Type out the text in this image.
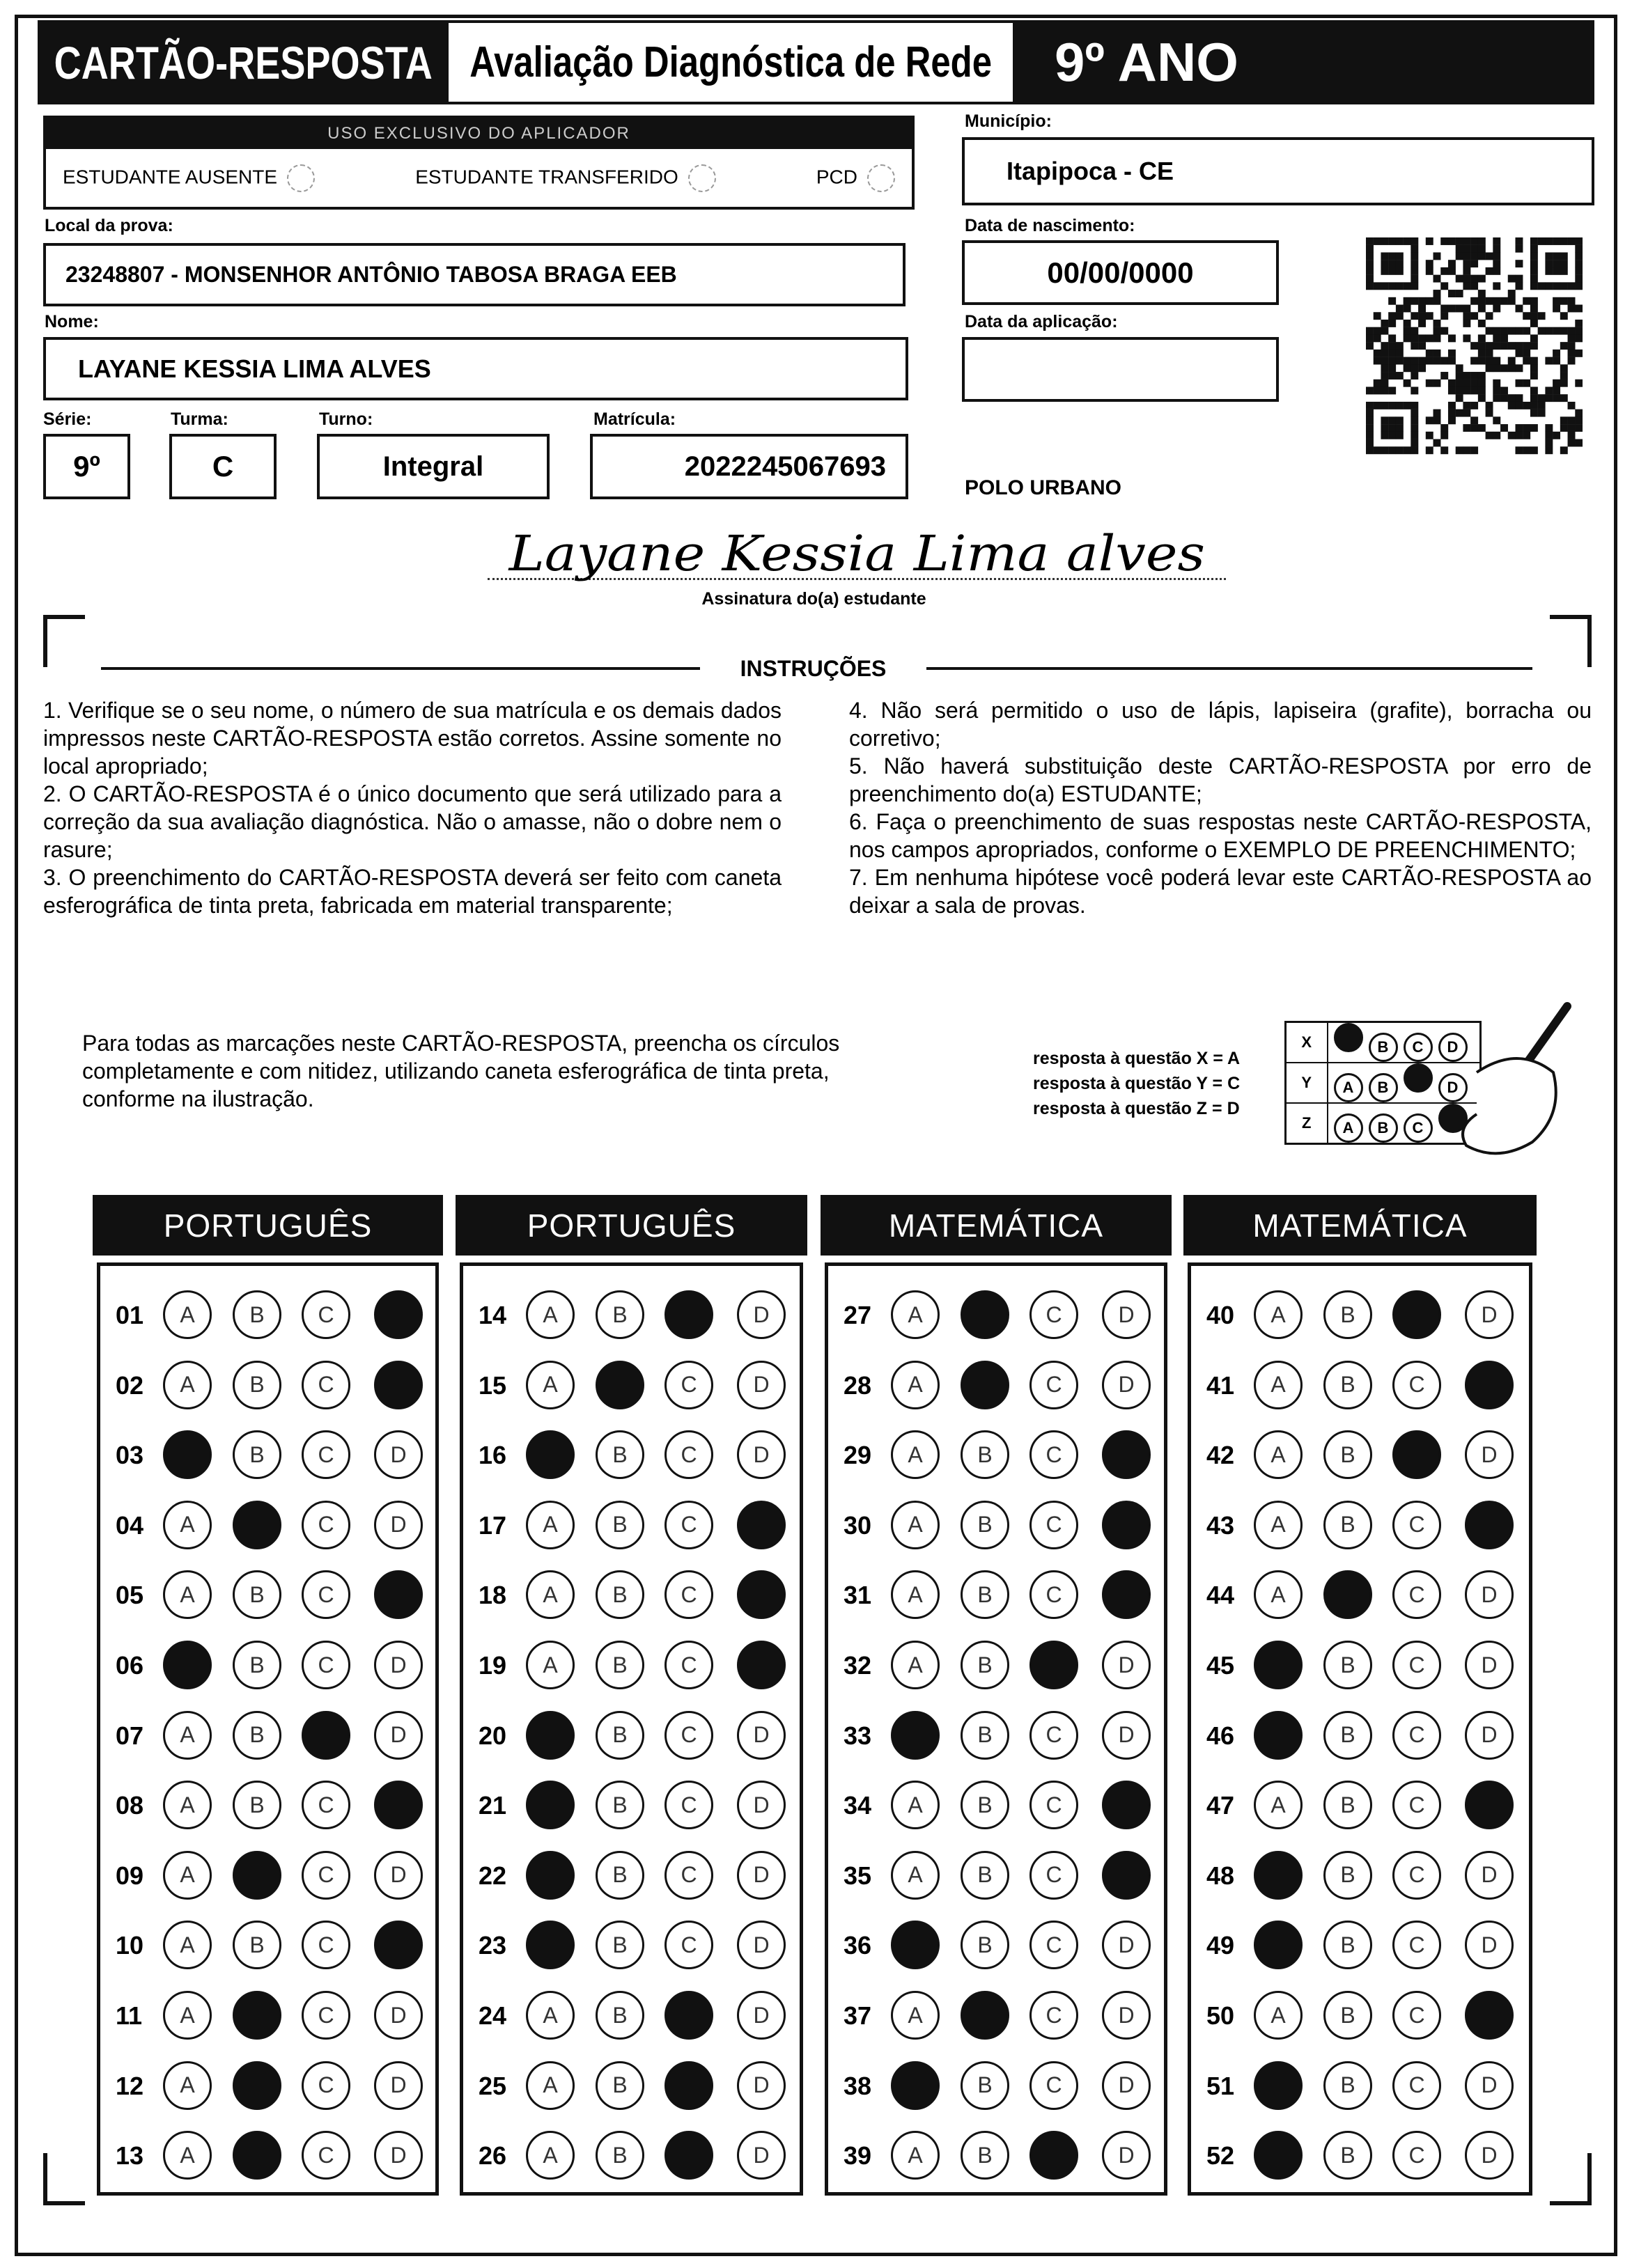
CARTÃO-RESPOSTA Avaliação Diagnóstica de Rede 9º ANO
USO EXCLUSIVO DO APLICADOR
ESTUDANTE AUSENTE	ESTUDANTE TRANSFERIDO	PCD
Município:
Itapipoca - CE
Local da prova:
23248807 - MONSENHOR ANTÔNIO TABOSA BRAGA EEB
Data de nascimento:
00/00/0000
Nome:
LAYANE KESSIA LIMA ALVES
Data da aplicação:
Série:
9º
Turma:
C
Turno:
Integral
Matrícula:
2022245067693
POLO URBANO
Layane Kessia Lima alves
Assinatura do(a) estudante
INSTRUÇÕES

1. Verifique se o seu nome, o número de sua matrícula e os demais dados impressos neste CARTÃO-RESPOSTA estão corretos. Assine somente no local apropriado;

2. O CARTÃO-RESPOSTA é o único documento que será utilizado para a correção da sua avaliação diagnóstica. Não o amasse, não o dobre nem o rasure;

3. O preenchimento do CARTÃO-RESPOSTA deverá ser feito com caneta esferográfica de tinta preta, fabricada em material transparente;

4. Não será permitido o uso de lápis, lapiseira (grafite), borracha ou corretivo;

5. Não haverá substituição deste CARTÃO-RESPOSTA por erro de preenchimento do(a) ESTUDANTE;

6. Faça o preenchimento de suas respostas neste CARTÃO-RESPOSTA, nos campos apropriados, conforme o EXEMPLO DE PREENCHIMENTO;

7. Em nenhuma hipótese você poderá levar este CARTÃO-RESPOSTA ao deixar a sala de provas.

Para todas as marcações neste CARTÃO-RESPOSTA, preencha os círculos completamente e com nitidez, utilizando caneta esferográfica de tinta preta, conforme na ilustração.
resposta à questão X = A
resposta à questão Y = C
resposta à questão Z = D
X	B C D
Y	A B D
Z	A B C
PORTUGUÊS
01	A	B	C
02	A	B	C
03	B	C	D
04	A	C	D
05	A	B	C
06	B	C	D
07	A	B	D
08	A	B	C
09	A	C	D
10	A	B	C
11	A	C	D
12	A	C	D
13	A	C	D
PORTUGUÊS
14	A	B	D
15	A	C	D
16	B	C	D
17	A	B	C
18	A	B	C
19	A	B	C
20	B	C	D
21	B	C	D
22	B	C	D
23	B	C	D
24	A	B	D
25	A	B	D
26	A	B	D
MATEMÁTICA
27	A	C	D
28	A	C	D
29	A	B	C
30	A	B	C
31	A	B	C
32	A	B	D
33	B	C	D
34	A	B	C
35	A	B	C
36	B	C	D
37	A	C	D
38	B	C	D
39	A	B	D
MATEMÁTICA
40	A	B	D
41	A	B	C
42	A	B	D
43	A	B	C
44	A	C	D
45	B	C	D
46	B	C	D
47	A	B	C
48	B	C	D
49	B	C	D
50	A	B	C
51	B	C	D
52	B	C	D
